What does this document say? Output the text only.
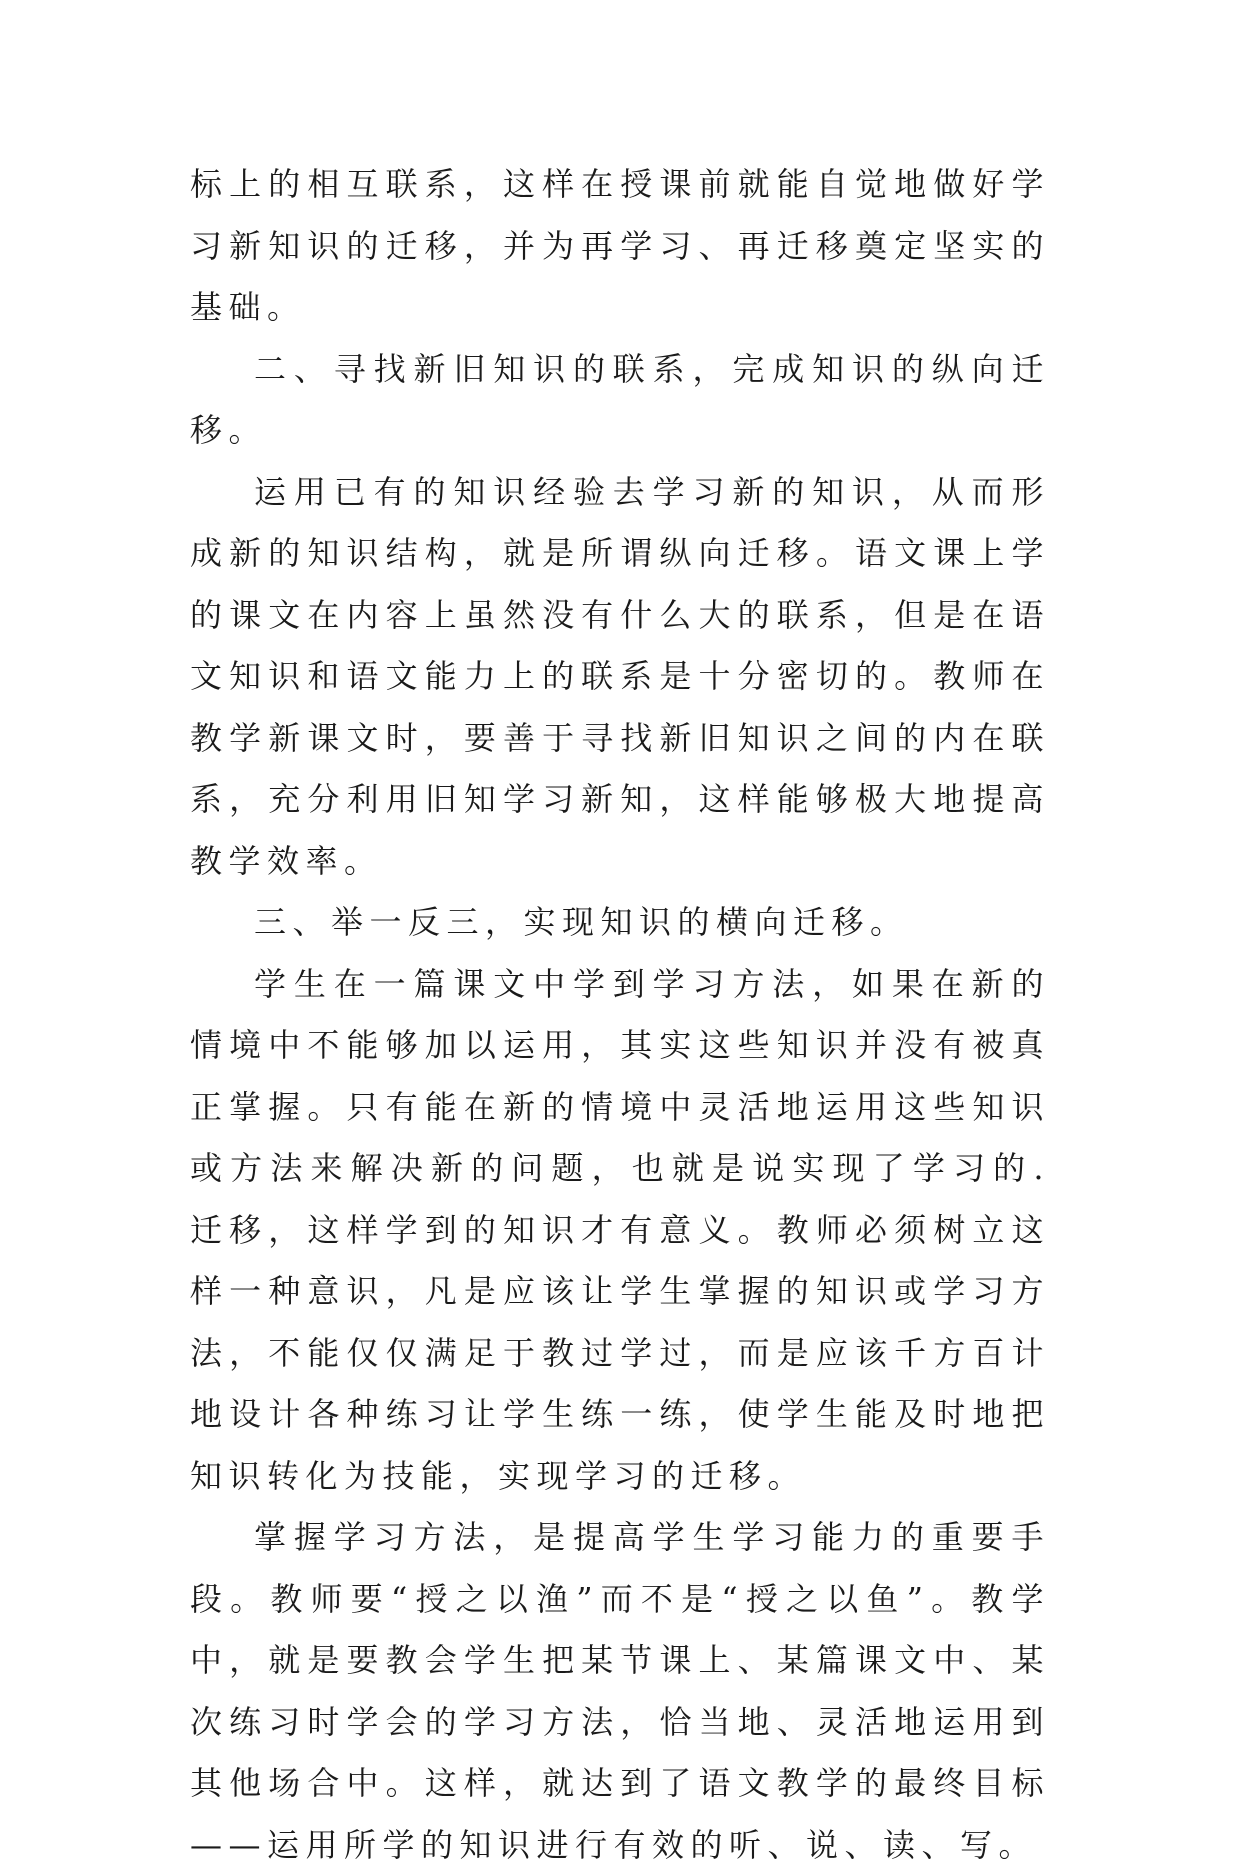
标上的相互联系，这样在授课前就能自觉地做好学习新知识的迁移，并为再学习、再迁移奠定坚实的基础。

二、寻找新旧知识的联系，完成知识的纵向迁移。

运用已有的知识经验去学习新的知识，从而形成新的知识结构，就是所谓纵向迁移。语文课上学的课文在内容上虽然没有什么大的联系，但是在语文知识和语文能力上的联系是十分密切的。教师在教学新课文时，要善于寻找新旧知识之间的内在联系，充分利用旧知学习新知，这样能够极大地提高教学效率。

三、举一反三，实现知识的横向迁移。

学生在一篇课文中学到学习方法，如果在新的情境中不能够加以运用，其实这些知识并没有被真正掌握。只有能在新的情境中灵活地运用这些知识或方法来解决新的问题，也就是说实现了学习的.迁移，这样学到的知识才有意义。教师必须树立这样一种意识，凡是应该让学生掌握的知识或学习方法，不能仅仅满足于教过学过，而是应该千方百计地设计各种练习让学生练一练，使学生能及时地把知识转化为技能，实现学习的迁移。

掌握学习方法，是提高学生学习能力的重要手段。教师要“授之以渔”而不是“授之以鱼”。教学中，就是要教会学生把某节课上、某篇课文中、某次练习时学会的学习方法，恰当地、灵活地运用到其他场合中。这样，就达到了语文教学的最终目标——运用所学的知识进行有效的听、说、读、写。
